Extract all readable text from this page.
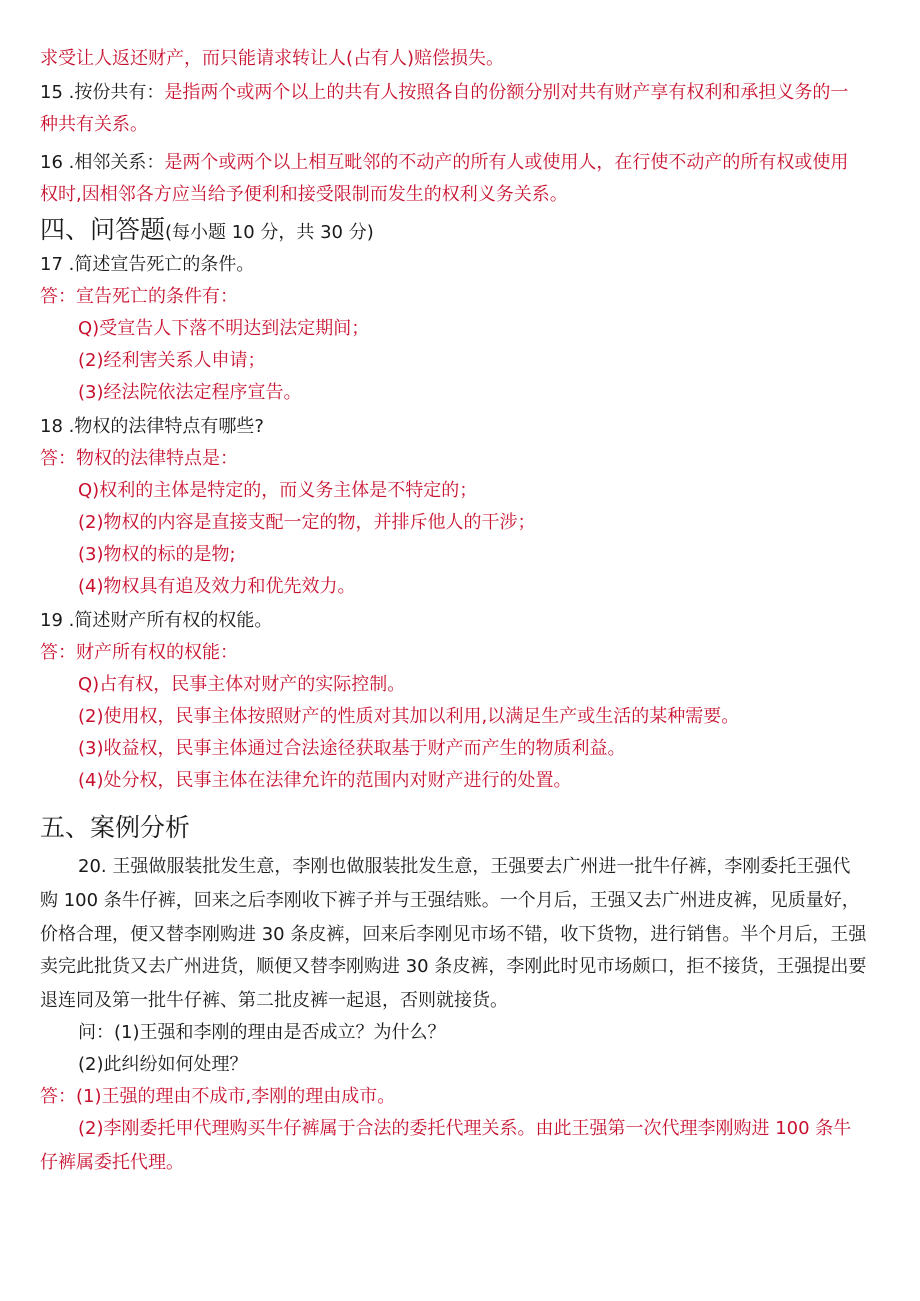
求受让人返还财产，而只能请求转让人(占有人)赔偿损失。
15 .按份共有：是指两个或两个以上的共有人按照各自的份额分别对共有财产享有权利和承担义务的一
种共有关系。
16 .相邻关系：是两个或两个以上相互毗邻的不动产的所有人或使用人，在行使不动产的所有权或使用
权时,因相邻各方应当给予便利和接受限制而发生的权利义务关系。
四、问答题(每小题 10 分，共 30 分)
17 .简述宣告死亡的条件。
答：宣告死亡的条件有：
Q)受宣告人下落不明达到法定期间；
(2)经利害关系人申请；
(3)经法院依法定程序宣告。
18 .物权的法律特点有哪些?
答：物权的法律特点是：
Q)权利的主体是特定的，而义务主体是不特定的；
(2)物权的内容是直接支配一定的物，并排斥他人的干涉；
(3)物权的标的是物;
(4)物权具有追及效力和优先效力。
19 .简述财产所有权的权能。
答：财产所有权的权能：
Q)占有权，民事主体对财产的实际控制。
(2)使用权，民事主体按照财产的性质对其加以利用,以满足生产或生活的某种需要。
(3)收益权，民事主体通过合法途径获取基于财产而产生的物质利益。
(4)处分权，民事主体在法律允许的范围内对财产进行的处置。
五、案例分析
20. 王强做服装批发生意，李刚也做服装批发生意，王强要去广州进一批牛仔裤，李刚委托王强代
购 100 条牛仔裤，回来之后李刚收下裤子并与王强结账。一个月后，王强又去广州进皮裤，见质量好，
价格合理，便又替李刚购进 30 条皮裤，回来后李刚见市场不错，收下货物，进行销售。半个月后，王强
卖完此批货又去广州进货，顺便又替李刚购进 30 条皮裤，李刚此时见市场颇口，拒不接货，王强提出要
退连同及第一批牛仔裤、第二批皮裤一起退，否则就接货。
问：(1)王强和李刚的理由是否成立？为什么？
(2)此纠纷如何处理？
答：(1)王强的理由不成市,李刚的理由成市。
(2)李刚委托甲代理购买牛仔裤属于合法的委托代理关系。由此王强第一次代理李刚购进 100 条牛
仔裤属委托代理。
